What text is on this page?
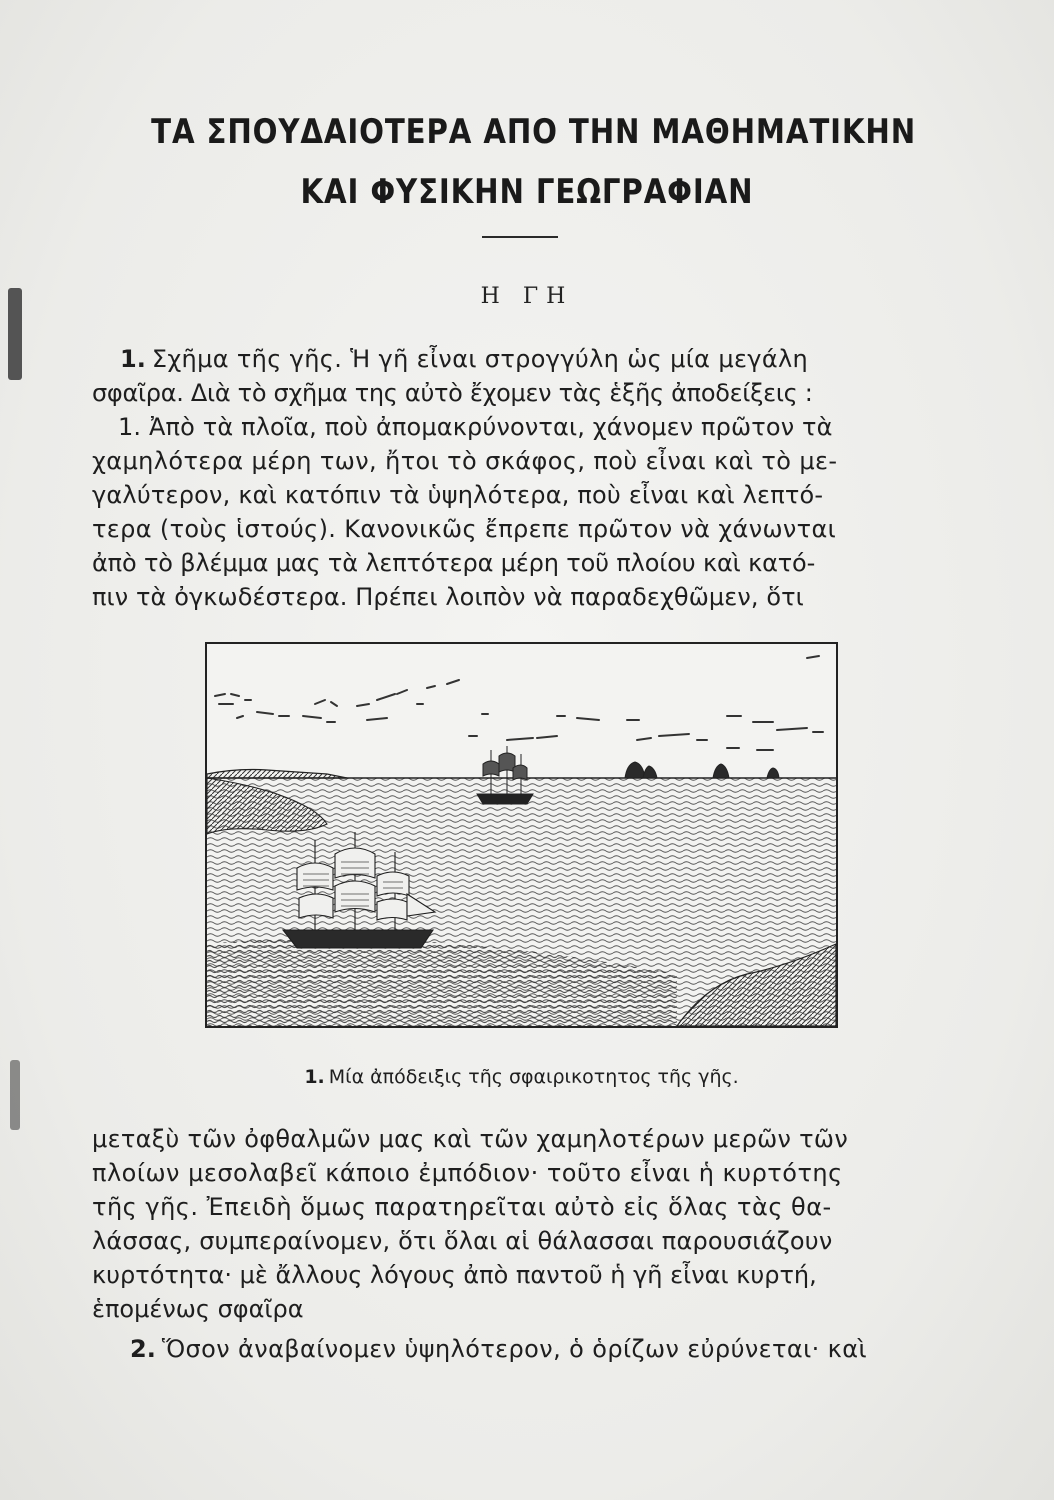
ΤΑ ΣΠΟΥΔΑΙΟΤΕΡΑ ΑΠΟ ΤΗΝ ΜΑΘΗΜΑΤΙΚΗΝ
ΚΑΙ ΦΥΣΙΚΗΝ ΓΕΩΓΡΑΦΙΑΝ
Η ΓΗ
1. Σχῆμα τῆς γῆς. Ἡ γῆ εἶναι στρογγύλη ὡς μία μεγάλη
σφαῖρα. Διὰ τὸ σχῆμα της αὐτὸ ἔχομεν τὰς ἑξῆς ἀποδείξεις :
1. Ἀπὸ τὰ πλοῖα, ποὺ ἀπομακρύνονται, χάνομεν πρῶτον τὰ
χαμηλότερα μέρη των, ἤτοι τὸ σκάφος, ποὺ εἶναι καὶ τὸ με-
γαλύτερον, καὶ κατόπιν τὰ ὑψηλότερα, ποὺ εἶναι καὶ λεπτό-
τερα (τοὺς ἱστούς). Κανονικῶς ἔπρεπε πρῶτον νὰ χάνωνται
ἀπὸ τὸ βλέμμα μας τὰ λεπτότερα μέρη τοῦ πλοίου καὶ κατό-
πιν τὰ ὀγκωδέστερα. Πρέπει λοιπὸν νὰ παραδεχθῶμεν, ὅτι
1. Μία ἀπόδειξις τῆς σφαιρικοτητος τῆς γῆς.
μεταξὺ τῶν ὀφθαλμῶν μας καὶ τῶν χαμηλοτέρων μερῶν τῶν
πλοίων μεσολαβεῖ κάποιο ἐμπόδιον· τοῦτο εἶναι ἡ κυρτότης
τῆς γῆς. Ἐπειδὴ ὅμως παρατηρεῖται αὐτὸ εἰς ὅλας τὰς θα-
λάσσας, συμπεραίνομεν, ὅτι ὅλαι αἱ θάλασσαι παρουσιάζουν
κυρτότητα· μὲ ἄλλους λόγους ἀπὸ παντοῦ ἡ γῆ εἶναι κυρτή,
ἑπομένως σφαῖρα
2. Ὅσον ἀναβαίνομεν ὑψηλότερον, ὁ ὁρίζων εὐρύνεται· καὶ
